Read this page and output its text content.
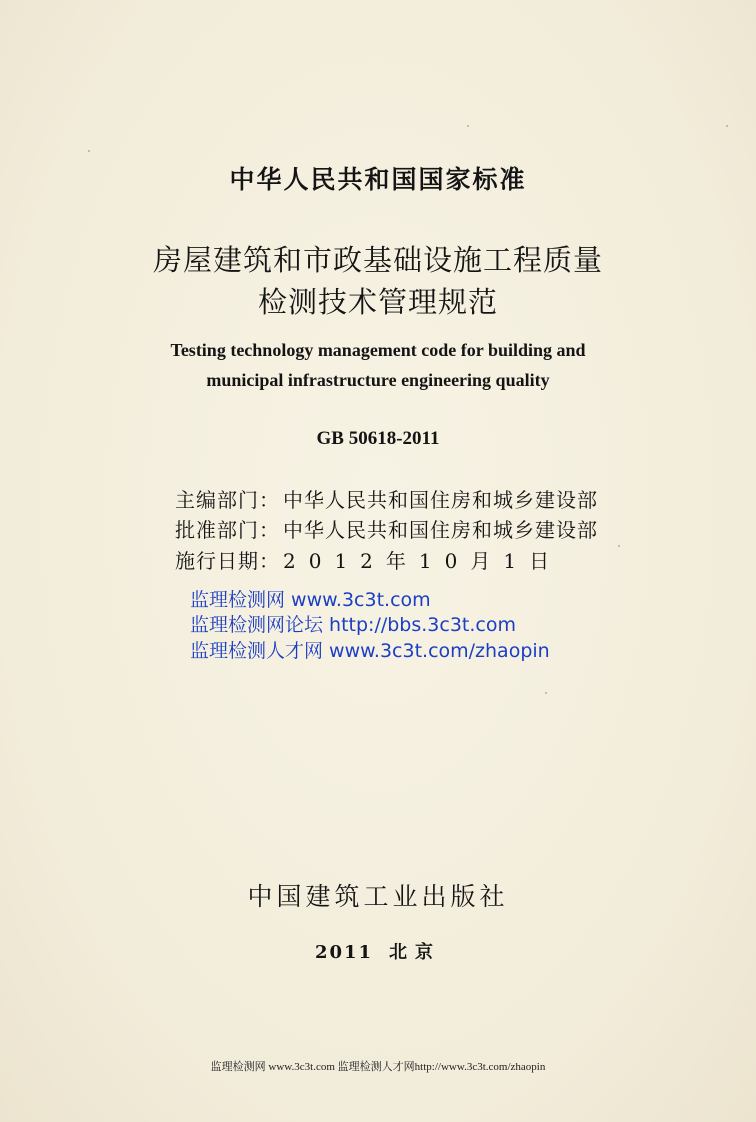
中华人民共和国国家标准
房屋建筑和市政基础设施工程质量
检测技术管理规范
Testing technology management code for building and
municipal infrastructure engineering quality
GB 50618-2011
主编部门： 中华人民共和国住房和城乡建设部
批准部门： 中华人民共和国住房和城乡建设部
施行日期： 2012年10月1日
监理检测网 www.3c3t.com
监理检测网论坛 http://bbs.3c3t.com
监理检测人才网 www.3c3t.com/zhaopin
中国建筑工业出版社
2011 北京
监理检测网 www.3c3t.com 监理检测人才网http://www.3c3t.com/zhaopin
